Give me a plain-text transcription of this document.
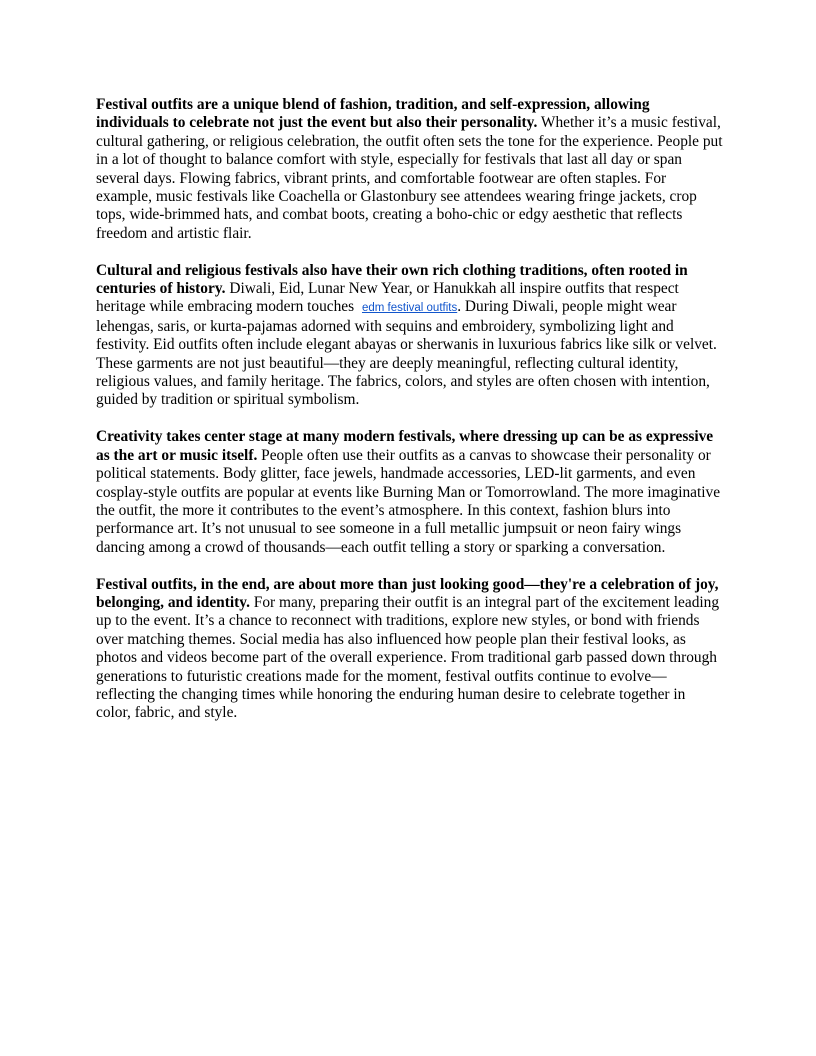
Festival outfits are a unique blend of fashion, tradition, and self-expression, allowing individuals to celebrate not just the event but also their personality. Whether it’s a music festival, cultural gathering, or religious celebration, the outfit often sets the tone for the experience. People put in a lot of thought to balance comfort with style, especially for festivals that last all day or span several days. Flowing fabrics, vibrant prints, and comfortable footwear are often staples. For example, music festivals like Coachella or Glastonbury see attendees wearing fringe jackets, crop tops, wide-brimmed hats, and combat boots, creating a boho-chic or edgy aesthetic that reflects freedom and artistic flair.

Cultural and religious festivals also have their own rich clothing traditions, often rooted in centuries of history. Diwali, Eid, Lunar New Year, or Hanukkah all inspire outfits that respect heritage while embracing modern touches edm festival outfits. During Diwali, people might wear lehengas, saris, or kurta-pajamas adorned with sequins and embroidery, symbolizing light and festivity. Eid outfits often include elegant abayas or sherwanis in luxurious fabrics like silk or velvet. These garments are not just beautiful—they are deeply meaningful, reflecting cultural identity, religious values, and family heritage. The fabrics, colors, and styles are often chosen with intention, guided by tradition or spiritual symbolism.

Creativity takes center stage at many modern festivals, where dressing up can be as expressive as the art or music itself. People often use their outfits as a canvas to showcase their personality or political statements. Body glitter, face jewels, handmade accessories, LED-lit garments, and even cosplay-style outfits are popular at events like Burning Man or Tomorrowland. The more imaginative the outfit, the more it contributes to the event’s atmosphere. In this context, fashion blurs into performance art. It’s not unusual to see someone in a full metallic jumpsuit or neon fairy wings dancing among a crowd of thousands—each outfit telling a story or sparking a conversation.

Festival outfits, in the end, are about more than just looking good—they're a celebration of joy, belonging, and identity. For many, preparing their outfit is an integral part of the excitement leading up to the event. It’s a chance to reconnect with traditions, explore new styles, or bond with friends over matching themes. Social media has also influenced how people plan their festival looks, as photos and videos become part of the overall experience. From traditional garb passed down through generations to futuristic creations made for the moment, festival outfits continue to evolve—reflecting the changing times while honoring the enduring human desire to celebrate together in color, fabric, and style.
